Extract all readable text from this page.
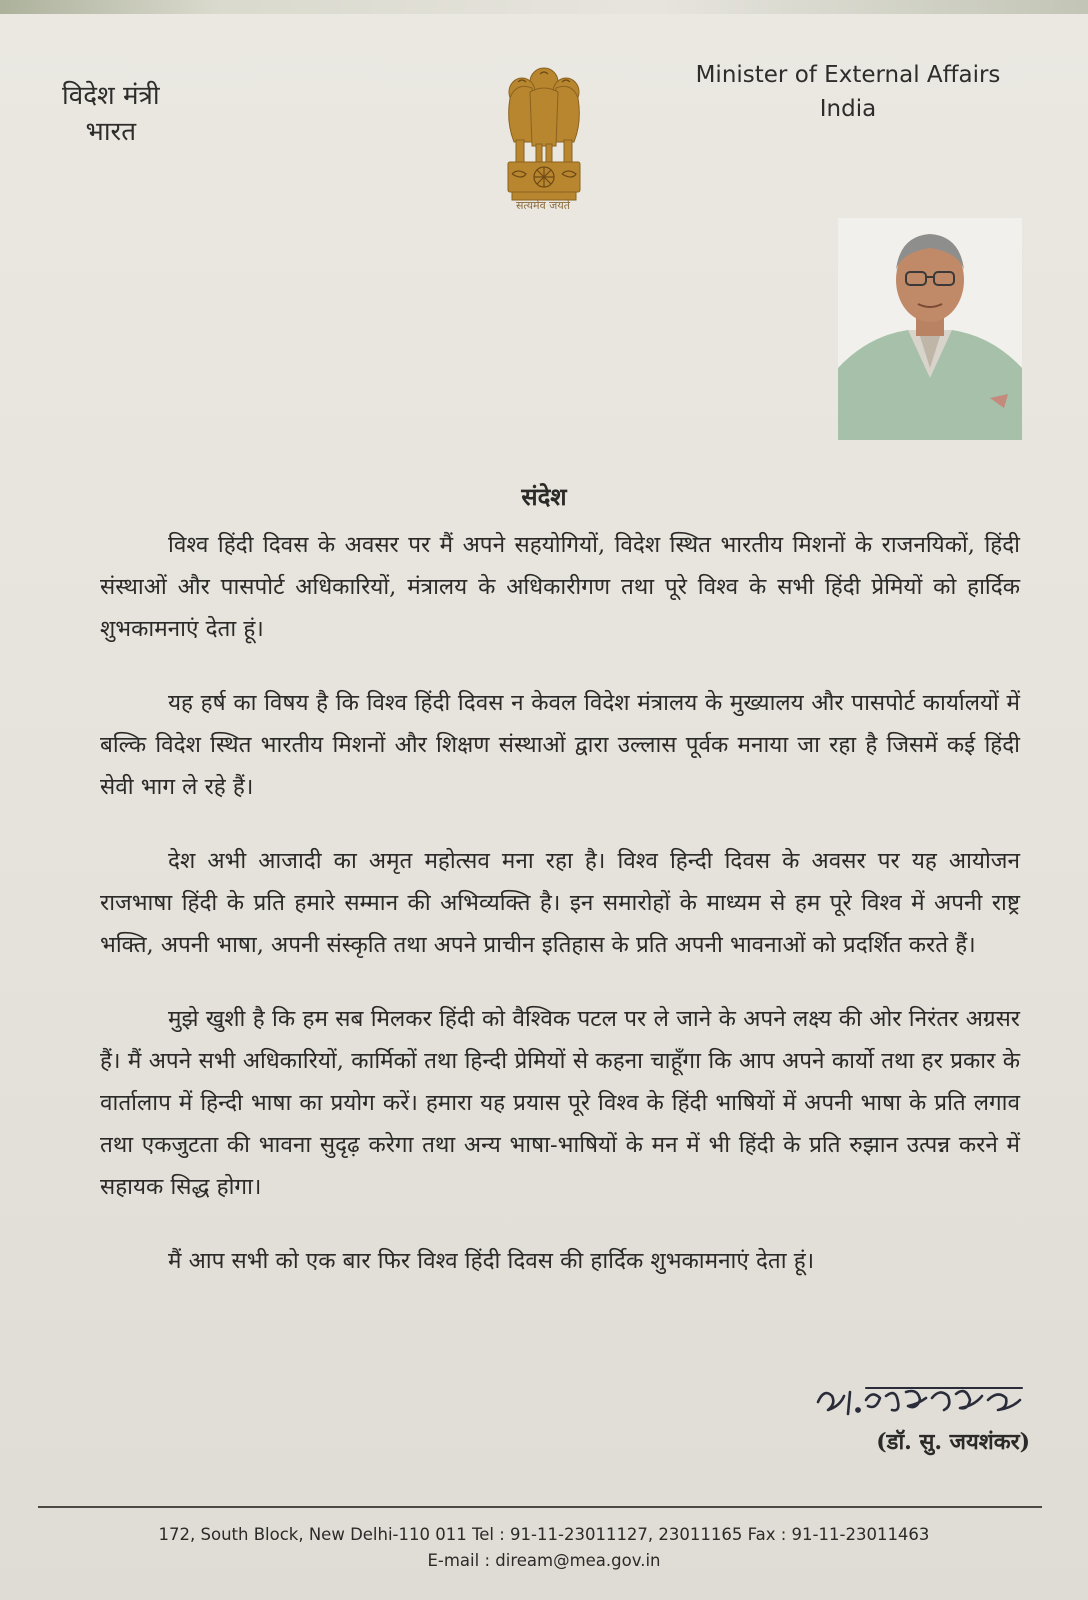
विदेश मंत्री
भारत
सत्यमेव जयते
Minister of External Affairs
India
संदेश

विश्व हिंदी दिवस के अवसर पर मैं अपने सहयोगियों, विदेश स्थित भारतीय मिशनों के राजनयिकों, हिंदी संस्थाओं और पासपोर्ट अधिकारियों, मंत्रालय के अधिकारीगण तथा पूरे विश्व के सभी हिंदी प्रेमियों को हार्दिक शुभकामनाएं देता हूं।

यह हर्ष का विषय है कि विश्व हिंदी दिवस न केवल विदेश मंत्रालय के मुख्यालय और पासपोर्ट कार्यालयों में बल्कि विदेश स्थित भारतीय मिशनों और शिक्षण संस्थाओं द्वारा उल्लास पूर्वक मनाया जा रहा है जिसमें कई हिंदी सेवी भाग ले रहे हैं।

देश अभी आजादी का अमृत महोत्सव मना रहा है। विश्व हिन्दी दिवस के अवसर पर यह आयोजन राजभाषा हिंदी के प्रति हमारे सम्मान की अभिव्यक्ति है। इन समारोहों के माध्यम से हम पूरे विश्व में अपनी राष्ट्र भक्ति, अपनी भाषा, अपनी संस्कृति तथा अपने प्राचीन इतिहास के प्रति अपनी भावनाओं को प्रदर्शित करते हैं।

मुझे खुशी है कि हम सब मिलकर हिंदी को वैश्विक पटल पर ले जाने के अपने लक्ष्य की ओर निरंतर अग्रसर हैं। मैं अपने सभी अधिकारियों, कार्मिकों तथा हिन्दी प्रेमियों से कहना चाहूँगा कि आप अपने कार्यो तथा हर प्रकार के वार्तालाप में हिन्दी भाषा का प्रयोग करें। हमारा यह प्रयास पूरे विश्व के हिंदी भाषियों में अपनी भाषा के प्रति लगाव तथा एकजुटता की भावना सुदृढ़ करेगा तथा अन्य भाषा-भाषियों के मन में भी हिंदी के प्रति रुझान उत्पन्न करने में सहायक सिद्ध होगा।

मैं आप सभी को एक बार फिर विश्व हिंदी दिवस की हार्दिक शुभकामनाएं देता हूं।

(डॉ. सु. जयशंकर)
172, South Block, New Delhi-110 011 Tel : 91-11-23011127, 23011165 Fax : 91-11-23011463
E-mail : diream@mea.gov.in
